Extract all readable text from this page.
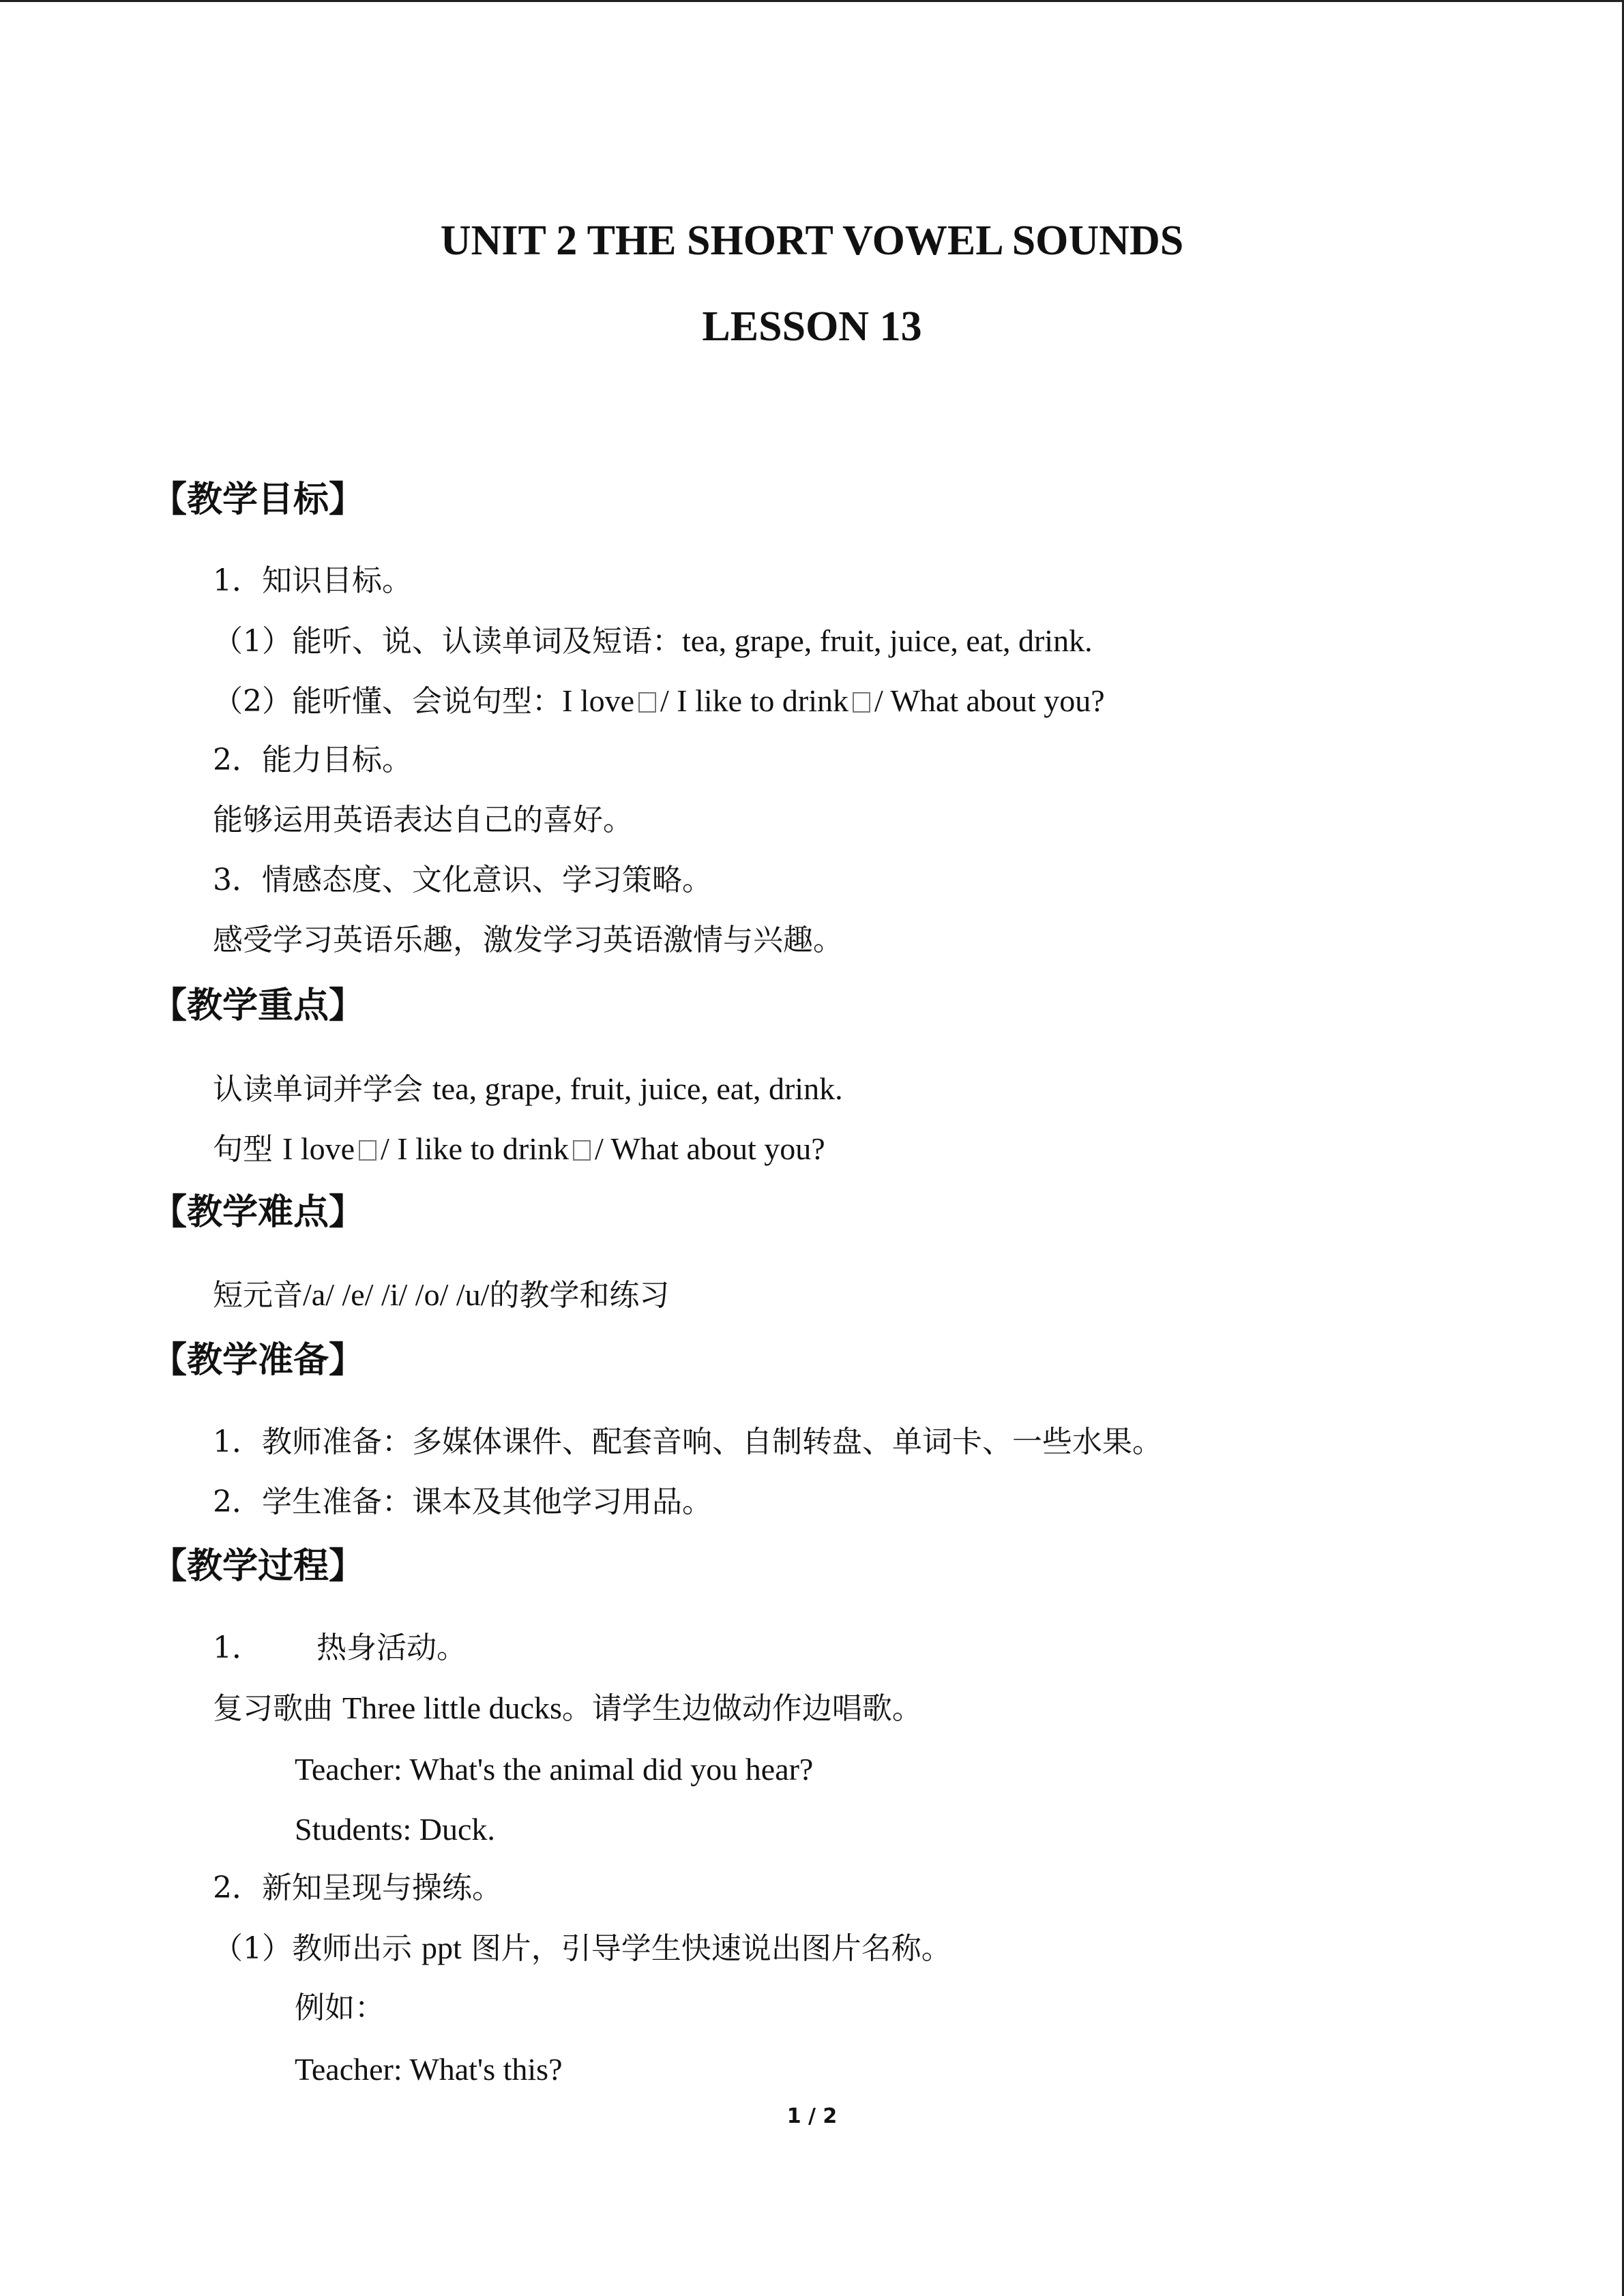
UNIT 2 THE SHORT VOWEL SOUNDS
LESSON 13
【教学目标】
1．知识目标。
（1）能听、说、认读单词及短语：tea, grape, fruit, juice, eat, drink.
（2）能听懂、会说句型：I love / I like to drink / What about you?
2．能力目标。
能够运用英语表达自己的喜好。
3．情感态度、文化意识、学习策略。
感受学习英语乐趣，激发学习英语激情与兴趣。
【教学重点】
认读单词并学会 tea, grape, fruit, juice, eat, drink.
句型 I love / I like to drink / What about you?
【教学难点】
短元音/a/ /e/ /i/ /o/ /u/的教学和练习
【教学准备】
1．教师准备：多媒体课件、配套音响、自制转盘、单词卡、一些水果。
2．学生准备：课本及其他学习用品。
【教学过程】
1． 热身活动。
复习歌曲 Three little ducks。请学生边做动作边唱歌。
Teacher: What's the animal did you hear?
Students: Duck.
2．新知呈现与操练。
（1）教师出示 ppt 图片，引导学生快速说出图片名称。
例如：
Teacher: What's this?
1 / 2
